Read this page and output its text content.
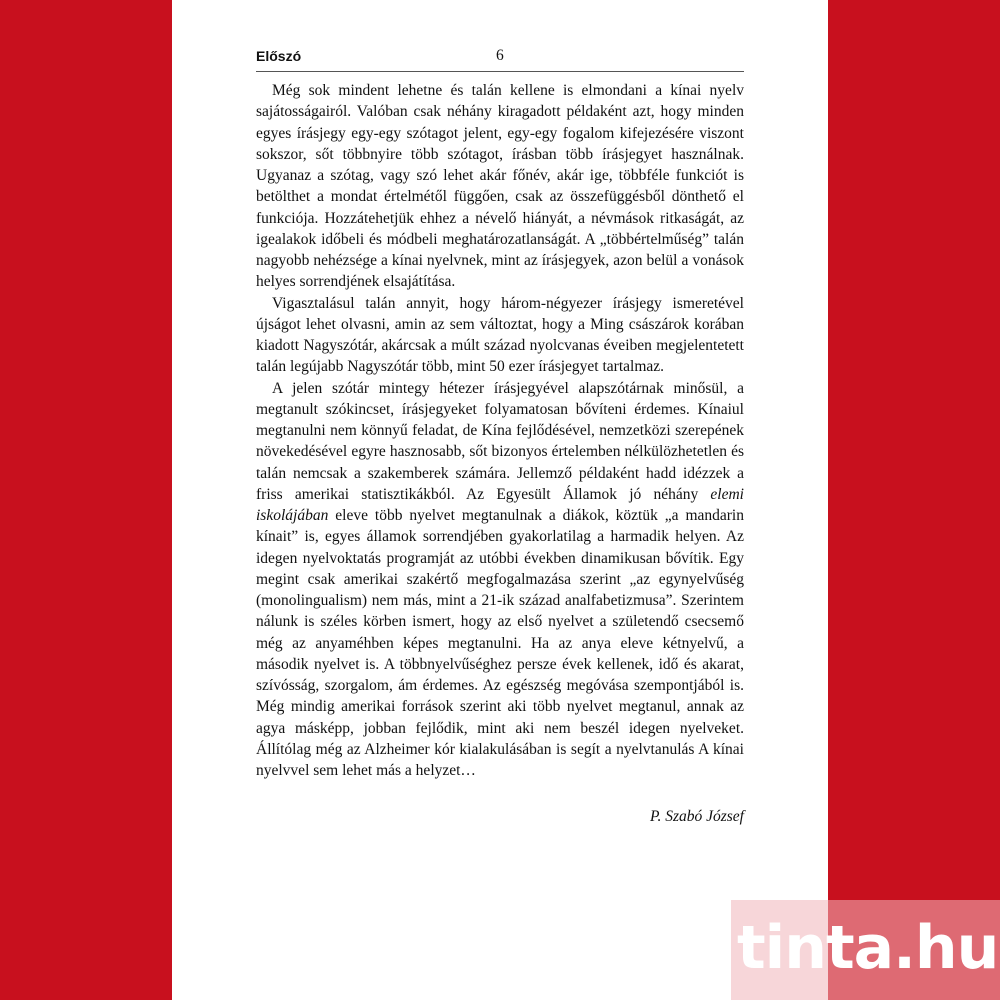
Előszó	6

Még sok mindent lehetne és talán kellene is elmondani a kínai nyelv sajátosságairól. Valóban csak néhány kiragadott példaként azt, hogy minden egyes írásjegy egy-egy szótagot jelent, egy-egy fogalom kifejezésére viszont sokszor, sőt többnyire több szótagot, írásban több írásjegyet használnak. Ugyanaz a szótag, vagy szó lehet akár főnév, akár ige, többféle funkciót is betölthet a mondat értelmétől függően, csak az összefüggésből dönthető el funkciója. Hozzátehetjük ehhez a névelő hiányát, a névmások ritkaságát, az igealakok időbeli és módbeli meghatározatlanságát. A „többértelműség” talán nagyobb nehézsége a kínai nyelvnek, mint az írásjegyek, azon belül a vonások helyes sorrendjének elsajátítása.

Vigasztalásul talán annyit, hogy három-négyezer írásjegy ismeretével újságot lehet olvasni, amin az sem változtat, hogy a Ming császárok korában kiadott Nagyszótár, akárcsak a múlt század nyolcvanas éveiben megjelentetett talán legújabb Nagyszótár több, mint 50 ezer írásjegyet tartalmaz.

A jelen szótár mintegy hétezer írásjegyével alapszótárnak minősül, a megtanult szókincset, írásjegyeket folyamatosan bővíteni érdemes. Kínaiul megtanulni nem könnyű feladat, de Kína fejlődésével, nemzetközi szerepének növekedésével egyre hasznosabb, sőt bizonyos értelemben nélkülözhetetlen és talán nemcsak a szakemberek számára. Jellemző példaként hadd idézzek a friss amerikai statisztikákból. Az Egyesült Államok jó néhány elemi iskolájában eleve több nyelvet megtanulnak a diákok, köztük „a mandarin kínait” is, egyes államok sorrendjében gyakorlatilag a harmadik helyen. Az idegen nyelvoktatás programját az utóbbi években dinamikusan bővítik. Egy megint csak amerikai szakértő megfogalmazása szerint „az egynyelvűség (monolingualism) nem más, mint a 21-ik század analfabetizmusa”. Szerintem nálunk is széles körben ismert, hogy az első nyelvet a születendő csecsemő még az anyaméhben képes megtanulni. Ha az anya eleve kétnyelvű, a második nyelvet is. A többnyelvűséghez persze évek kellenek, idő és akarat, szívósság, szorgalom, ám érdemes. Az egészség megóvása szempontjából is. Még mindig amerikai források szerint aki több nyelvet megtanul, annak az agya másképp, jobban fejlődik, mint aki nem beszél idegen nyelveket. Állítólag még az Alzheimer kór kialakulásában is segít a nyelvtanulás A kínai nyelvvel sem lehet más a helyzet…

P. Szabó József
tinta.hu
